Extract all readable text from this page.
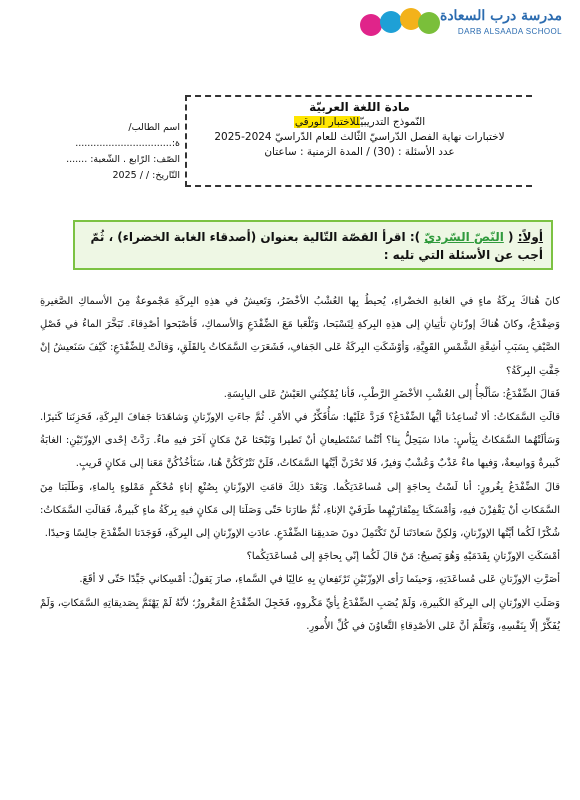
مدرسة درب السعادة
DARB ALSAADA SCHOOL
مادة اللغة العربيّة
النّموذج التدريبيّللاختبار الورقي
لاختبارات نهاية الفصل الدّراسيّ الثّالث للعام الدّراسيّ 2024-2025
عدد الأسئلة : (30) / المدة الزمنية : ساعتان
اسم الطالب/ة:................................
الصّف: الرّابع . الشّعبة: .......
التّاريخ: / / 2025
أولاً: ( النّصّ السّرديّ ): اقرأ القصّة التّالية بعنوان (أصدقاء الغابة الخضراء) ، ثُمّ أجب عن الأسئلة التي تليه :

كانَ هُناكَ بِركَةُ ماءٍ في الغابةِ الخضْراءِ، يُحيطُ بِها العُشْبُ الأخْضَرُ، وَتَعيشُ في هذِهِ البِركَةِ مَجْموعةٌ مِنَ الأسماكِ الصَّغيرةِ وَضِفْدَعٌ، وكانَ هُناكَ إوزّتانِ تأتِيانِ إلى هذِهِ البِركةِ لِتَسْبَحا، وَتَلْعَبا مَعَ الضِّفْدَعِ وَالأسماكِ، فَأصْبَحوا أصْدِقاءَ. تَبَخَّرَ الماءُ في فَصْلِ الصَّيْفِ بِسَبَبِ أشِعَّةِ الشَّمْسِ القَوِيَّةِ، وَأوْشَكَتِ البِركَةُ عَلى الجَفافِ، فَشَعَرَتِ السَّمَكاتُ بِالقَلَقِ، وَقالَتْ لِلضِّفْدَعِ: كَيْفَ سَنَعيشُ إنْ جَفَّتِ البِركَةُ؟

فَقالَ الضِّفْدَعُ: سَألْجأُ إلى العُشْبِ الأخْضَرِ الرَّطْبِ، فَأنا يُمْكِنُني العَيْشُ عَلى اليابِسَةِ.

قالَتِ السَّمَكاتُ: ألا تُساعِدُنا أيُّها الضِّفْدَعُ؟ فَرَدَّ عَلَيْها: سَأُفَكِّرُ في الأمْرِ. ثُمَّ جاءَتِ الإوزّتانِ وَشاهَدَتا جَفافَ البِركَةِ، فَحَزِنَتا كَثيرًا. وَسَألَتْهُما السَّمَكاتُ بِيَأسٍ: ماذا سَيَحِلُّ بِنا؟ أنْتُما تَسْتَطيعانِ أنْ تَطيرا وَتَبْحَثا عَنْ مَكانٍ آخَرَ فيهِ ماءٌ. رَدَّتْ إحْدى الإوزّتَيْنِ: الغابَةُ كَبيرةٌ وَواسِعةٌ، وَفيها ماءٌ عَذْبٌ وَعُشْبٌ وَفيرٌ، فَلا تَحْزَنَّ أيَّتُها السَّمَكاتُ، فَلَنْ نَتْرُكَكُنَّ هُنا، سَنَأخُذُكُنَّ مَعَنا إلى مَكانٍ قَريبٍ.

قالَ الضِّفْدَعُ بِغُرورٍ: أنا لَسْتُ بِحاجَةٍ إلى مُساعَدَتِكُما. وَبَعْدَ ذلِكَ قامَتِ الإوزّتانِ بِصُنْعِ إناءٍ مُحْكَمٍ مَمْلوءٍ بِالماءِ، وَطَلَبَتا مِنَ السَّمَكاتِ أنْ يَقْفِزْنَ فيهِ، وَأمْسَكَتا بِمِنْقارَيْهِما طَرَفَيْ الإناءِ، ثُمَّ طارَتا حَتّى وَصَلَتا إلى مَكانٍ فيهِ بِركَةُ ماءٍ كَبيرةٌ، فَقالَتِ السَّمَكاتُ: شُكْرًا لَكُما أيَّتُها الإوزّتانِ، وَلكِنَّ سَعادَتَنا لَنْ تَكْتَمِلَ دونَ صَديقِنا الضِّفْدَعِ. عادَتِ الإوزّتانِ إلى البِركَةِ، فَوَجَدَتا الضِّفْدَعَ جالِسًا وَحيدًا.

أمْسَكَتِ الإوزّتانِ بِقَدَمَيْهِ وَهُوَ يَصيحُ: مَنْ قالَ لَكُما إنّي بِحاجَةٍ إلى مُساعَدَتِكُما؟

أصَرَّتِ الإوزّتانِ عَلى مُساعَدَتِهِ، وَحينَما رَأى الإوزّتَيْنِ تَرْتَفِعانِ بِهِ عالِيًا في السَّماءِ، صارَ يَقولُ: أمْسِكاني جَيِّدًا حَتّى لا أقَعَ.

وَصَلَتِ الإوزّتانِ إلى البِركَةِ الكَبيرةِ، وَلَمْ يُصَبِ الضِّفْدَعُ بِأيِّ مَكْروهٍ، فَخَجِلَ الضِّفْدَعُ المَغْرورُ؛ لأنّهُ لَمْ يَهْتَمَّ بِصَديقاتِهِ السَّمَكاتِ، وَلَمْ يُفَكِّرْ إلّا بِنَفْسِهِ، وَتَعَلَّمَ أنَّ عَلى الأصْدِقاءِ التَّعاوُنَ في كُلِّ الأُمورِ.
